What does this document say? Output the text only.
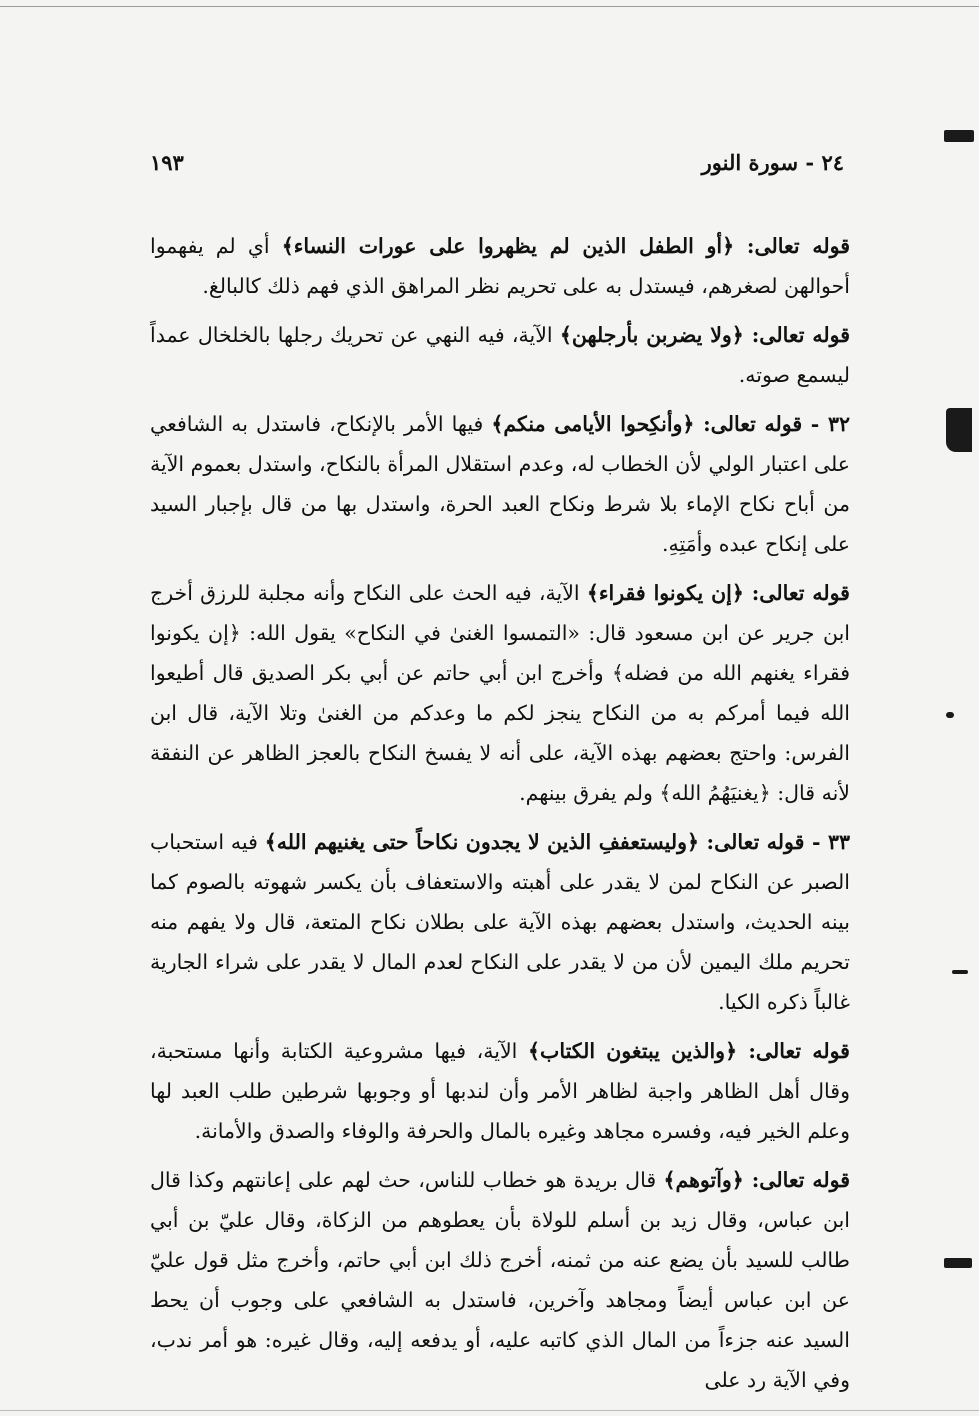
٢٤ - سورة النور
١٩٣

قوله تعالى: ﴿أو الطفل الذين لم يظهروا على عورات النساء﴾ أي لم يفهموا أحوالهن لصغرهم، فيستدل به على تحريم نظر المراهق الذي فهم ذلك كالبالغ.

قوله تعالى: ﴿ولا يضربن بأرجلهن﴾ الآية، فيه النهي عن تحريك رجلها بالخلخال عمداً ليسمع صوته.

٣٢ - قوله تعالى: ﴿وأنكِحوا الأيامى منكم﴾ فيها الأمر بالإنكاح، فاستدل به الشافعي على اعتبار الولي لأن الخطاب له، وعدم استقلال المرأة بالنكاح، واستدل بعموم الآية من أباح نكاح الإماء بلا شرط ونكاح العبد الحرة، واستدل بها من قال بإجبار السيد على إنكاح عبده وأمَتِهِ.

قوله تعالى: ﴿إن يكونوا فقراء﴾ الآية، فيه الحث على النكاح وأنه مجلبة للرزق أخرج ابن جرير عن ابن مسعود قال: «التمسوا الغنىٰ في النكاح» يقول الله: ﴿إن يكونوا فقراء يغنهم الله من فضله﴾ وأخرج ابن أبي حاتم عن أبي بكر الصديق قال أطيعوا الله فيما أمركم به من النكاح ينجز لكم ما وعدكم من الغنىٰ وتلا الآية، قال ابن الفرس: واحتج بعضهم بهذه الآية، على أنه لا يفسخ النكاح بالعجز الظاهر عن النفقة لأنه قال: ﴿يغنيَهُمُ الله﴾ ولم يفرق بينهم.

٣٣ - قوله تعالى: ﴿وليستعففِ الذين لا يجدون نكاحاً حتى يغنيهم الله﴾ فيه استحباب الصبر عن النكاح لمن لا يقدر على أهبته والاستعفاف بأن يكسر شهوته بالصوم كما بينه الحديث، واستدل بعضهم بهذه الآية على بطلان نكاح المتعة، قال ولا يفهم منه تحريم ملك اليمين لأن من لا يقدر على النكاح لعدم المال لا يقدر على شراء الجارية غالباً ذكره الكيا.

قوله تعالى: ﴿والذين يبتغون الكتاب﴾ الآية، فيها مشروعية الكتابة وأنها مستحبة، وقال أهل الظاهر واجبة لظاهر الأمر وأن لندبها أو وجوبها شرطين طلب العبد لها وعلم الخير فيه، وفسره مجاهد وغيره بالمال والحرفة والوفاء والصدق والأمانة.

قوله تعالى: ﴿وآتوهم﴾ قال بريدة هو خطاب للناس، حث لهم على إعانتهم وكذا قال ابن عباس، وقال زيد بن أسلم للولاة بأن يعطوهم من الزكاة، وقال عليّ بن أبي طالب للسيد بأن يضع عنه من ثمنه، أخرج ذلك ابن أبي حاتم، وأخرج مثل قول عليّ عن ابن عباس أيضاً ومجاهد وآخرين، فاستدل به الشافعي على وجوب أن يحط السيد عنه جزءاً من المال الذي كاتبه عليه، أو يدفعه إليه، وقال غيره: هو أمر ندب، وفي الآية رد على
